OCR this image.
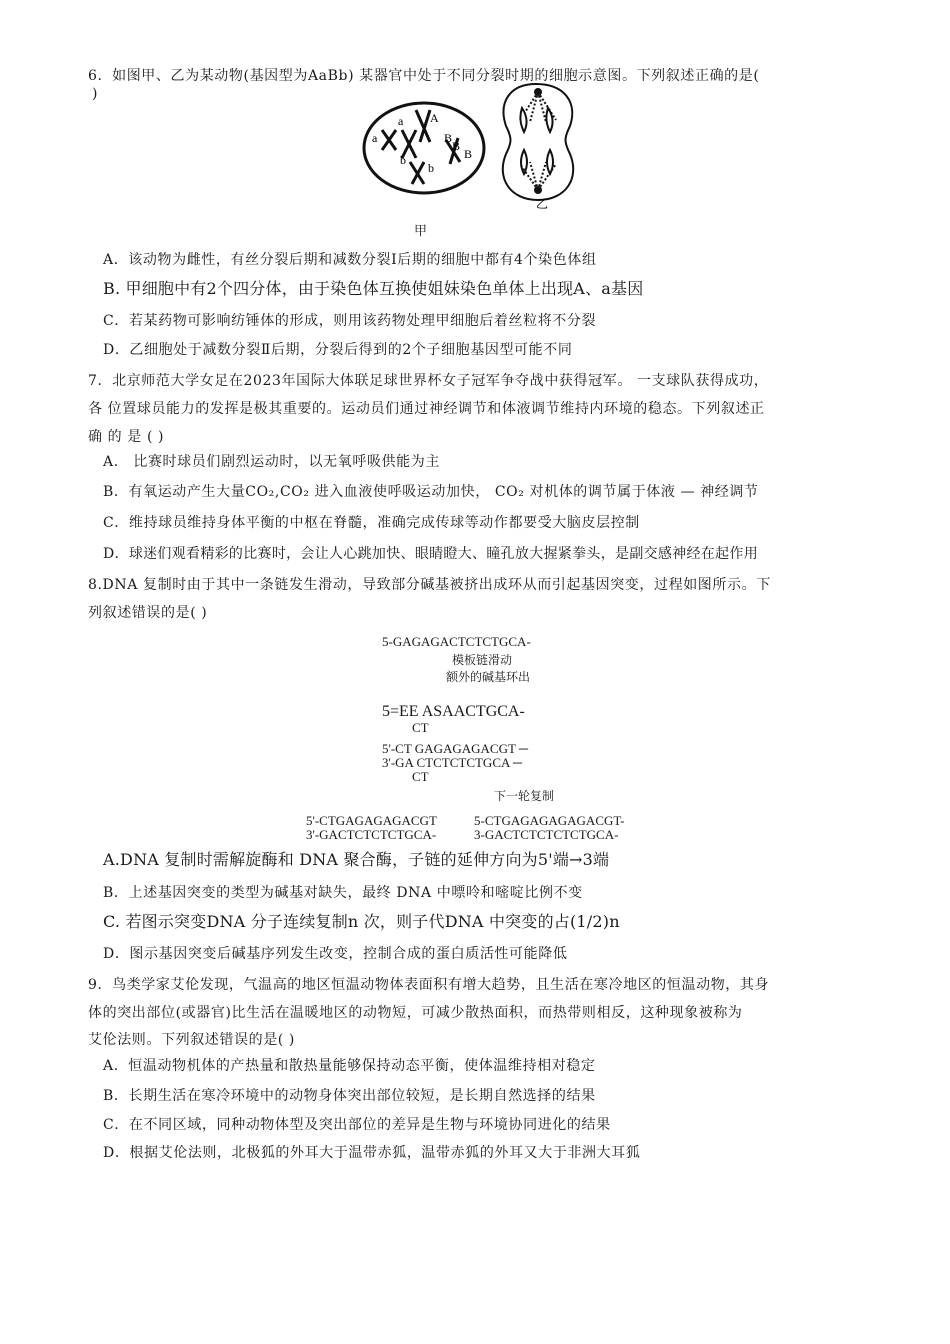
6．如图甲、乙为某动物(基因型为AaBb) 某器官中处于不同分裂时期的细胞示意图。下列叙述正确的是(
)
a
a A
B
B
b
b
B
乙
甲
A．该动物为雌性，有丝分裂后期和减数分裂Ⅰ后期的细胞中都有4个染色体组
B. 甲细胞中有2个四分体，由于染色体互换使姐妹染色单体上出现A、a基因
C．若某药物可影响纺锤体的形成，则用该药物处理甲细胞后着丝粒将不分裂
D．乙细胞处于减数分裂Ⅱ后期，分裂后得到的2个子细胞基因型可能不同
7．北京师范大学女足在2023年国际大体联足球世界杯女子冠军争夺战中获得冠军。 一支球队获得成功，
各 位置球员能力的发挥是极其重要的。运动员们通过神经调节和体液调节维持内环境的稳态。下列叙述正
确 的 是 ( )
A． 比赛时球员们剧烈运动时，以无氧呼吸供能为主
B．有氧运动产生大量CO₂,CO₂ 进入血液使呼吸运动加快， CO₂ 对机体的调节属于体液 — 神经调节
C．维持球员维持身体平衡的中枢在脊髓，准确完成传球等动作都要受大脑皮层控制
D．球迷们观看精彩的比赛时，会让人心跳加快、眼睛瞪大、瞳孔放大握紧拳头，是副交感神经在起作用
8.DNA 复制时由于其中一条链发生滑动，导致部分碱基被挤出成环从而引起基因突变，过程如图所示。下
列叙述错误的是( )
5-GAGAGACTCTCTGCA-
模板链滑动
额外的碱基环出
5=EE ASAACTGCA-
CT
5'-CT GAGAGAGACGT ─
3'-GA CTCTCTCTGCA ─
CT
下一轮复制
5'-CTGAGAGAGACGT
3'-GACTCTCTCTGCA-
5-CTGAGAGAGAGACGT-
3-GACTCTCTCTCTGCA-
A.DNA 复制时需解旋酶和 DNA 聚合酶，子链的延伸方向为5'端→3端
B．上述基因突变的类型为碱基对缺失，最终 DNA 中嘌呤和嘧啶比例不变
C. 若图示突变DNA 分子连续复制n 次，则子代DNA 中突变的占(1/2)n
D．图示基因突变后碱基序列发生改变，控制合成的蛋白质活性可能降低
9．鸟类学家艾伦发现，气温高的地区恒温动物体表面积有增大趋势，且生活在寒冷地区的恒温动物，其身
体的突出部位(或器官)比生活在温暖地区的动物短，可减少散热面积，而热带则相反，这种现象被称为
艾伦法则。下列叙述错误的是( )
A．恒温动物机体的产热量和散热量能够保持动态平衡，使体温维持相对稳定
B．长期生活在寒冷环境中的动物身体突出部位较短，是长期自然选择的结果
C．在不同区域，同种动物体型及突出部位的差异是生物与环境协同进化的结果
D．根据艾伦法则，北极狐的外耳大于温带赤狐，温带赤狐的外耳又大于非洲大耳狐
